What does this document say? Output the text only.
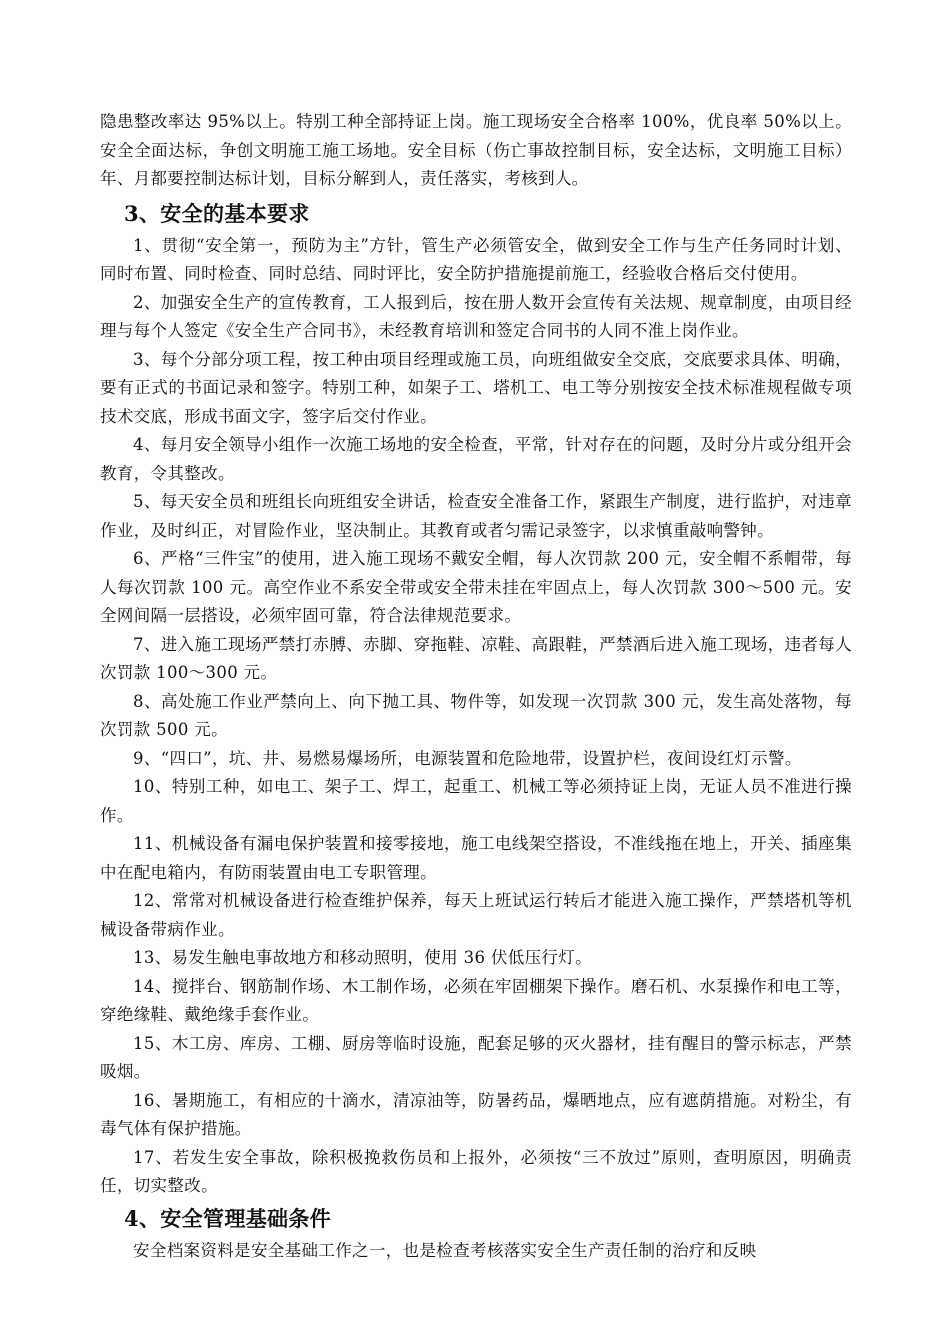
隐患整改率达 95%以上。特别工种全部持证上岗。施工现场安全合格率 100%，优良率 50%以上。安全全面达标，争创文明施工施工场地。安全目标（伤亡事故控制目标，安全达标，文明施工目标）年、月都要控制达标计划，目标分解到人，责任落实，考核到人。

3、安全的基本要求

1、贯彻“安全第一，预防为主”方针，管生产必须管安全，做到安全工作与生产任务同时计划、同时布置、同时检查、同时总结、同时评比，安全防护措施提前施工，经验收合格后交付使用。

2、加强安全生产的宣传教育，工人报到后，按在册人数开会宣传有关法规、规章制度，由项目经理与每个人签定《安全生产合同书》，未经教育培训和签定合同书的人同不准上岗作业。

3、每个分部分项工程，按工种由项目经理或施工员，向班组做安全交底，交底要求具体、明确，要有正式的书面记录和签字。特别工种，如架子工、塔机工、电工等分别按安全技术标准规程做专项技术交底，形成书面文字，签字后交付作业。

4、每月安全领导小组作一次施工场地的安全检查，平常，针对存在的问题，及时分片或分组开会教育，令其整改。

5、每天安全员和班组长向班组安全讲话，检查安全准备工作，紧跟生产制度，进行监护，对违章作业，及时纠正，对冒险作业，坚决制止。其教育或者匀需记录签字，以求慎重敲响警钟。

6、严格“三件宝”的使用，进入施工现场不戴安全帽，每人次罚款 200 元，安全帽不系帽带，每人每次罚款 100 元。高空作业不系安全带或安全带未挂在牢固点上，每人次罚款 300～500 元。安全网间隔一层搭设，必须牢固可靠，符合法律规范要求。

7、进入施工现场严禁打赤膊、赤脚、穿拖鞋、凉鞋、高跟鞋，严禁酒后进入施工现场，违者每人次罚款 100～300 元。

8、高处施工作业严禁向上、向下抛工具、物件等，如发现一次罚款 300 元，发生高处落物，每次罚款 500 元。

9、“四口”，坑、井、易燃易爆场所，电源装置和危险地带，设置护栏，夜间设红灯示警。

10、特别工种，如电工、架子工、焊工，起重工、机械工等必须持证上岗，无证人员不准进行操作。

11、机械设备有漏电保护装置和接零接地，施工电线架空搭设，不准线拖在地上，开关、插座集中在配电箱内，有防雨装置由电工专职管理。

12、常常对机械设备进行检查维护保养，每天上班试运行转后才能进入施工操作，严禁塔机等机械设备带病作业。

13、易发生触电事故地方和移动照明，使用 36 伏低压行灯。

14、搅拌台、钢筋制作场、木工制作场，必须在牢固棚架下操作。磨石机、水泵操作和电工等，穿绝缘鞋、戴绝缘手套作业。

15、木工房、库房、工棚、厨房等临时设施，配套足够的灭火器材，挂有醒目的警示标志，严禁吸烟。

16、暑期施工，有相应的十滴水，清凉油等，防暑药品，爆晒地点，应有遮荫措施。对粉尘，有毒气体有保护措施。

17、若发生安全事故，除积极挽救伤员和上报外，必须按“三不放过”原则，查明原因，明确责任，切实整改。

4、安全管理基础条件

安全档案资料是安全基础工作之一，也是检查考核落实安全生产责任制的治疗和反映
